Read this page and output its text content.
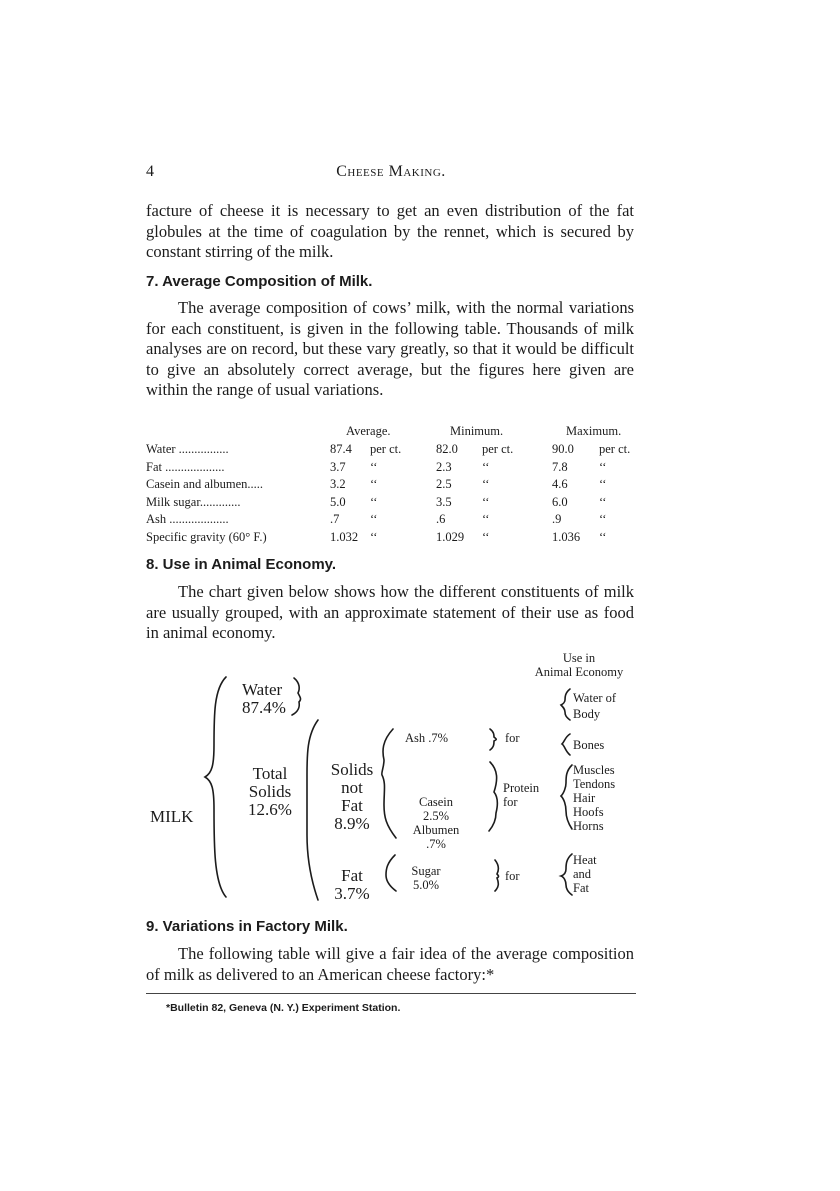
4	Cheese Making.

facture of cheese it is necessary to get an even distribution of the fat globules at the time of coagulation by the rennet, which is secured by constant stirring of the milk.

7. Average Composition of Milk.

The average composition of cows’ milk, with the normal variations for each constituent, is given in the following table. Thousands of milk analyses are on record, but these vary greatly, so that it would be difficult to give an absolutely correct average, but the figures here given are within the range of usual variations.

Average.	Minimum.	Maximum.
Water ................	87.4 per ct.	82.0 per ct.	90.0 per ct.
Fat ...................	3.7 ‘‘	2.3 ‘‘	7.8	‘‘
Casein and albumen.....	3.2 ‘‘	2.5 ‘‘	4.6	‘‘
Milk sugar.............	5.0 ‘‘	3.5 ‘‘	6.0	‘‘
Ash ...................	.7 ‘‘	.6	‘‘	.9	‘‘
Specific gravity (60° F.)	1.032 ‘‘	1.029 ‘‘	1.036 ‘‘
8. Use in Animal Economy.

The chart given below shows how the different constituents of milk are usually grouped, with an approximate statement of their use as food in animal economy.

Use in
Animal Economy
MILK
Water
87.4%
Total
Solids
12.6%
Solids
not
Fat
8.9%
Fat
3.7%
Ash .7%
Casein
2.5%
Albumen
.7%
Sugar
5.0%
for
Protein
for
for
Water of
Body
Bones
Muscles
Tendons
Hair
Hoofs
Horns
Heat
and
Fat
9. Variations in Factory Milk.

The following table will give a fair idea of the average composition of milk as delivered to an American cheese factory:*

*Bulletin 82, Geneva (N. Y.) Experiment Station.
